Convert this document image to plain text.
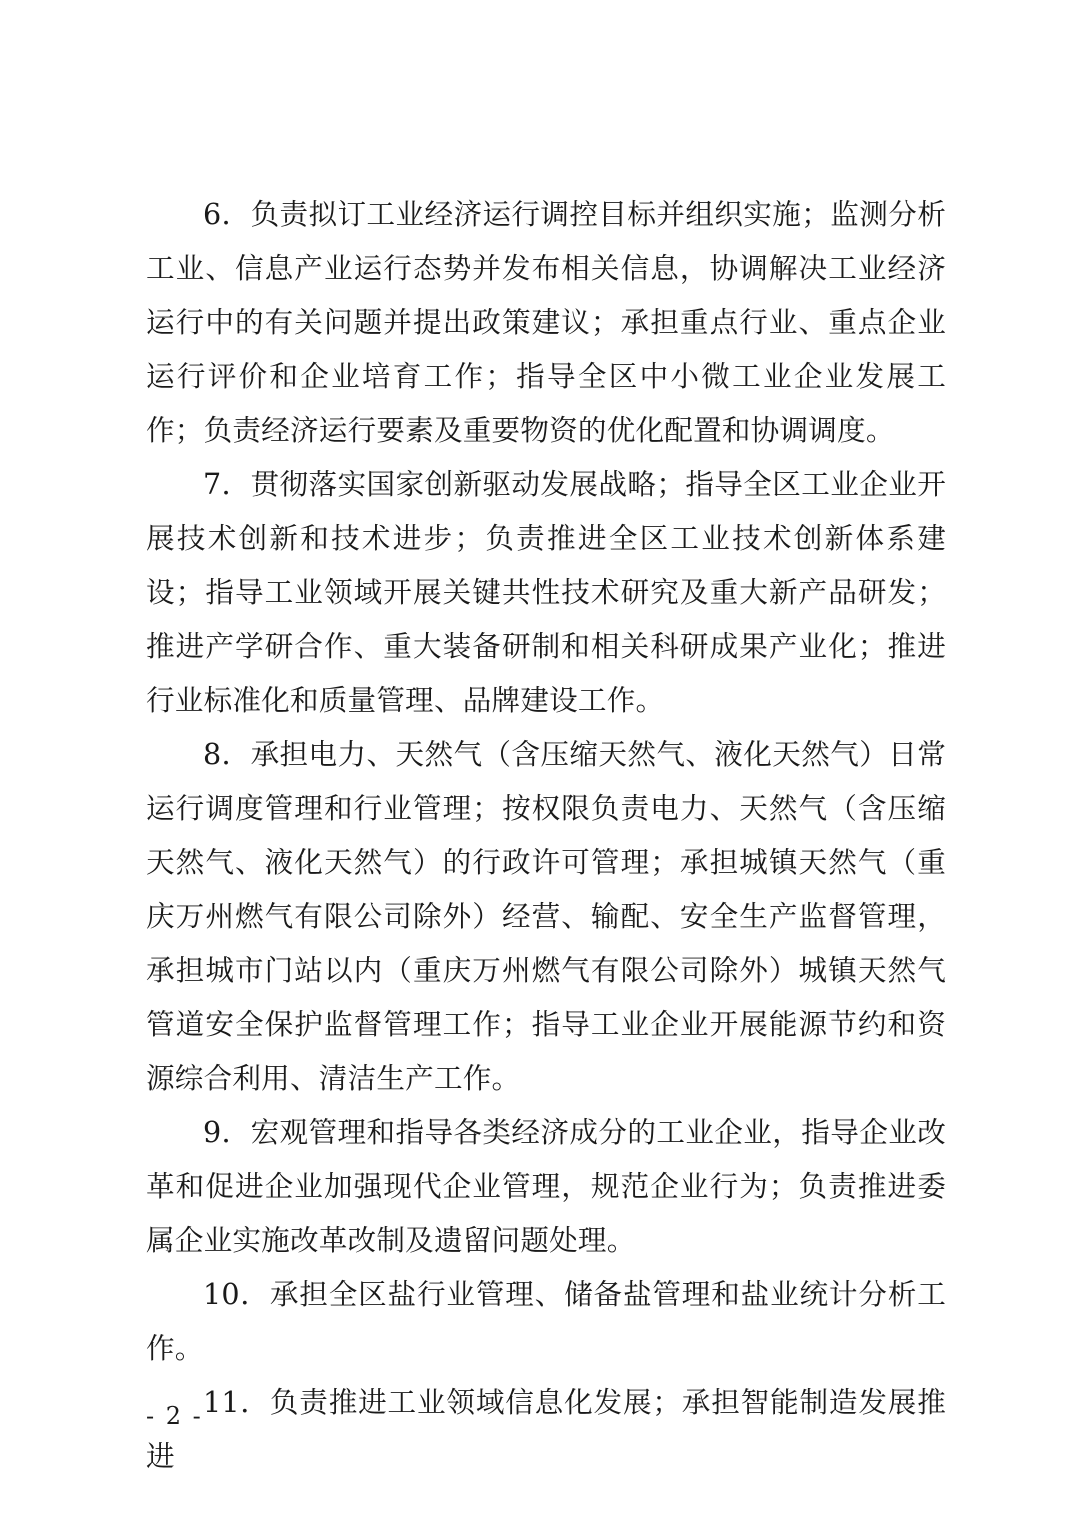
6．负责拟订工业经济运行调控目标并组织实施；监测分析工业、信息产业运行态势并发布相关信息，协调解决工业经济运行中的有关问题并提出政策建议；承担重点行业、重点企业运行评价和企业培育工作；指导全区中小微工业企业发展工作；负责经济运行要素及重要物资的优化配置和协调调度。

7．贯彻落实国家创新驱动发展战略；指导全区工业企业开展技术创新和技术进步；负责推进全区工业技术创新体系建设；指导工业领域开展关键共性技术研究及重大新产品研发；推进产学研合作、重大装备研制和相关科研成果产业化；推进行业标准化和质量管理、品牌建设工作。

8．承担电力、天然气（含压缩天然气、液化天然气）日常运行调度管理和行业管理；按权限负责电力、天然气（含压缩天然气、液化天然气）的行政许可管理；承担城镇天然气（重庆万州燃气有限公司除外）经营、输配、安全生产监督管理，承担城市门站以内（重庆万州燃气有限公司除外）城镇天然气管道安全保护监督管理工作；指导工业企业开展能源节约和资源综合利用、清洁生产工作。

9．宏观管理和指导各类经济成分的工业企业，指导企业改革和促进企业加强现代企业管理，规范企业行为；负责推进委属企业实施改革改制及遗留问题处理。

10．承担全区盐行业管理、储备盐管理和盐业统计分析工作。

11．负责推进工业领域信息化发展；承担智能制造发展推进

- 2 -
